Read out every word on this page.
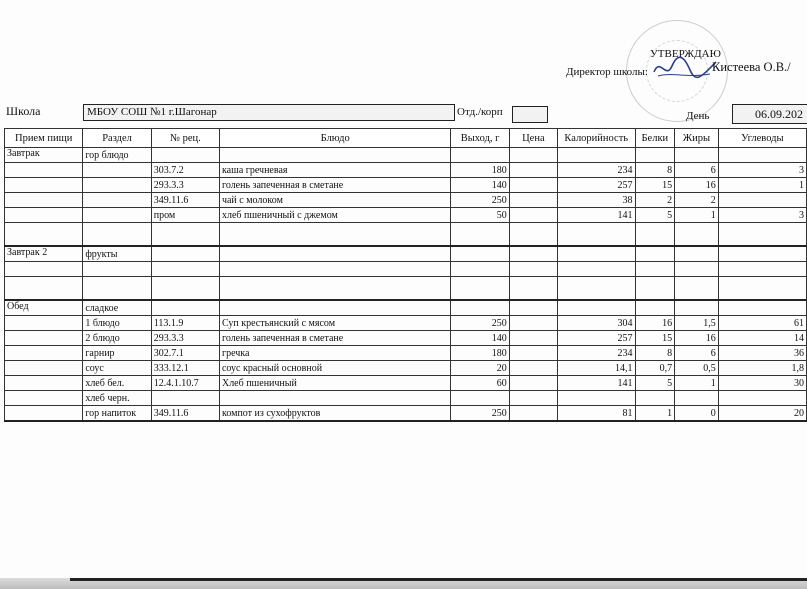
УТВЕРЖДАЮ
Директор школы:	Кистеева О.В./
Школа	МБОУ СОШ №1 г.Шагонар	Отд./корп	День	06.09.202
Прием пищи	Раздел	№ рец.	Блюдо	Выход, г	Цена	Калорийность	Белки	Жиры	Углеводы
Завтрак	гор блюдо								
		303.7.2	каша гречневая	180		234	8	6	3
		293.3.3	голень запеченная в сметане	140		257	15	16	1
		349.11.6	чай с молоком	250		38	2	2	
		пром	хлеб пшеничный с джемом	50		141	5	1	3

Завтрак 2	фрукты								

Обед	сладкое								
	1 блюдо	113.1.9	Суп крестьянский с мясом	250		304	16	1,5	61
	2 блюдо	293.3.3	голень запеченная в сметане	140		257	15	16	14
	гарнир	302.7.1	гречка	180		234	8	6	36
	соус	333.12.1	соус красный основной	20		14,1	0,7	0,5	1,8
	хлеб бел.	12.4.1.10.7	Хлеб пшеничный	60		141	5	1	30
	хлеб черн.								
	гор напиток	349.11.6	компот из сухофруктов	250		81	1	0	20
